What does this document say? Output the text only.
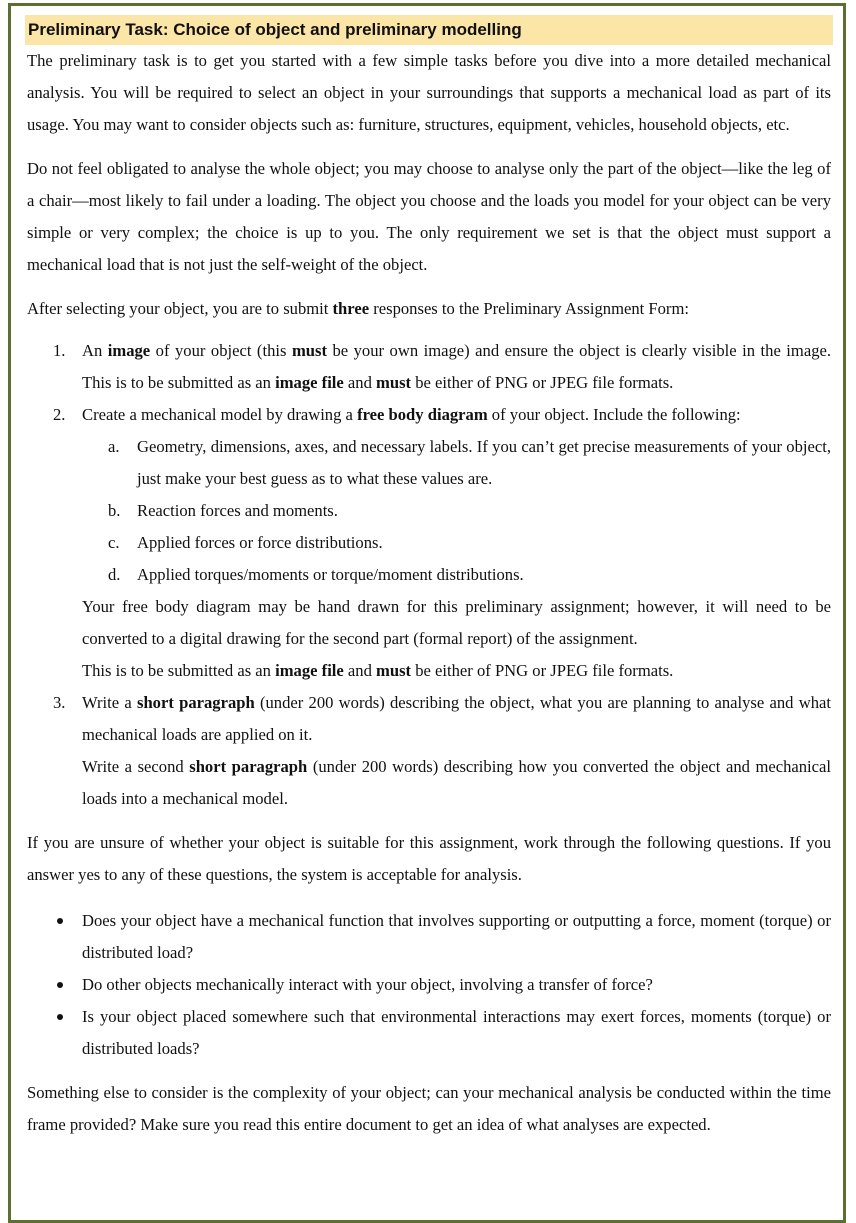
Preliminary Task: Choice of object and preliminary modelling

The preliminary task is to get you started with a few simple tasks before you dive into a more detailed mechanical analysis. You will be required to select an object in your surroundings that supports a mechanical load as part of its usage. You may want to consider objects such as: furniture, structures, equipment, vehicles, household objects, etc.

Do not feel obligated to analyse the whole object; you may choose to analyse only the part of the object—like the leg of a chair—most likely to fail under a loading. The object you choose and the loads you model for your object can be very simple or very complex; the choice is up to you. The only requirement we set is that the object must support a mechanical load that is not just the self-weight of the object.

After selecting your object, you are to submit three responses to the Preliminary Assignment Form:

1. An image of your object (this must be your own image) and ensure the object is clearly visible in the image. This is to be submitted as an image file and must be either of PNG or JPEG file formats.
2. Create a mechanical model by drawing a free body diagram of your object. Include the following:
a. Geometry, dimensions, axes, and necessary labels. If you can’t get precise measurements of your object, just make your best guess as to what these values are.
b. Reaction forces and moments.
c. Applied forces or force distributions.
d. Applied torques/moments or torque/moment distributions.
Your free body diagram may be hand drawn for this preliminary assignment; however, it will need to be converted to a digital drawing for the second part (formal report) of the assignment.
This is to be submitted as an image file and must be either of PNG or JPEG file formats.
3. Write a short paragraph (under 200 words) describing the object, what you are planning to analyse and what mechanical loads are applied on it.
Write a second short paragraph (under 200 words) describing how you converted the object and mechanical loads into a mechanical model.

If you are unsure of whether your object is suitable for this assignment, work through the following questions. If you answer yes to any of these questions, the system is acceptable for analysis.

Does your object have a mechanical function that involves supporting or outputting a force, moment (torque) or distributed load?
Do other objects mechanically interact with your object, involving a transfer of force?
Is your object placed somewhere such that environmental interactions may exert forces, moments (torque) or distributed loads?

Something else to consider is the complexity of your object; can your mechanical analysis be conducted within the time frame provided? Make sure you read this entire document to get an idea of what analyses are expected.
